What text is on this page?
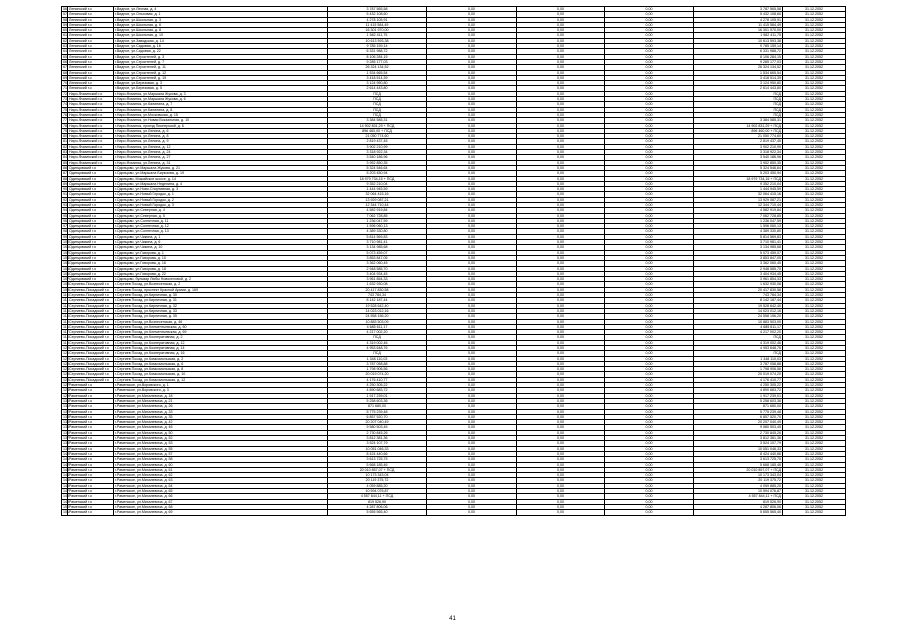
56	Ленинский г.о	г.Видное, ул.Лесная, д. 4	3 787 565,58	0,00	0,00	0,00	3 787 565,58	31.12.2052
57	Ленинский г.о	г.Видное, ул.Ольховая, д. 1	5 432 108,60	0,00	0,00	0,00	5 432 108,60	31.12.2052
58	Ленинский г.о	г.Видное, ул.Школьная, д. 3	4 278 105,91	0,00	0,00	0,00	4 278 105,91	31.12.2052
59	Ленинский г.о	г.Видное, ул.Школьная, д. 6	11 415 584,49	0,00	0,00	0,00	11 415 584,49	31.12.2052
60	Ленинский г.о	г.Видное, ул.Школьная, д. 8	16 301 970,00	0,00	0,00	0,00	16 301 970,00	31.12.2052
61	Ленинский г.о	г.Видное, ул.Школьная, д. 10	1 582 411,75	0,00	0,00	0,00	1 582 411,75	31.12.2052
62	Ленинский г.о	г.Видное, ул.Заводская, д. 14	10 613 593,38	0,00	0,00	0,00	10 613 593,38	31.12.2052
63	Ленинский г.о	г.Видное, ул.Садовая, д. 16	9 785 159,14	0,00	0,00	0,00	9 785 159,14	31.12.2052
64	Ленинский г.о	г.Видное, ул.Садовая, д. 22	6 331 988,72	0,00	0,00	0,00	6 331 988,72	31.12.2052
65	Ленинский г.о	г.Видное, ул.Строителей, д. 3	8 106 284,15	0,00	0,00	0,00	8 106 284,15	31.12.2052
66	Ленинский г.о	г.Видное, ул.Строителей, д. 7	9 285 177,03	0,00	0,00	0,00	9 285 177,03	31.12.2052
67	Ленинский г.о	г.Видное, ул.Строителей, д. 11	26 324 134,52	0,00	0,00	0,00	26 324 134,52	31.12.2052
68	Ленинский г.о	г.Видное, ул.Строителей, д. 12	1 534 665,54	0,00	0,00	0,00	1 534 665,54	31.12.2052
69	Ленинский г.о	г.Видное, ул.Строителей, д. 19	3 418 514,39	0,00	0,00	0,00	3 418 514,39	31.12.2052
70	Ленинский г.о	г.Видное, ул.Березовая, д. 3	3 124 950,80	0,00	0,00	0,00	3 124 950,80	31.12.2052
71	Ленинский г.о	г.Видное, ул.Березовая, д. 5	2 614 443,80	0,00	0,00	0,00	2 614 443,80	31.12.2052
72	Наро-Фоминский г.о	г.Наро-Фоминск, ул.Маршала Жукова, д. 3	ПСД	0,00	0,00	0,00	ПСД	31.12.2052
73	Наро-Фоминский г.о	г.Наро-Фоминск, ул.Маршала Жукова, д. 6	ПСД	0,00	0,00	0,00	ПСД	31.12.2052
74	Наро-Фоминский г.о	г.Наро-Фоминск, ул.Калинина, д. 7	ПСД	0,00	0,00	0,00	ПСД	31.12.2052
75	Наро-Фоминский г.о	г.Наро-Фоминск, ул.Калинина, д. 8	ПСД	0,00	0,00	0,00	ПСД	31.12.2052
76	Наро-Фоминский г.о	г.Наро-Фоминск, ул.Московская, д. 15	ПСД	0,00	0,00	0,00	ПСД	31.12.2052
77	Наро-Фоминский г.о	г.Наро-Фоминск, ул.Новая Вокзальная, д. 10	3 384 585,31	0,00	0,00	0,00	3 384 585,31	31.12.2052
78	Наро-Фоминский г.о	г.Наро-Фоминск, проезд Пионерский, д. 6	14 902 831,29 + ПСД	0,00	0,00	0,00	14 902 831,29 + ПСД	31.12.2052
79	Наро-Фоминский г.о	г.Наро-Фоминск, ул.Ленина, д. 6	896 460,00 + ПСД	0,00	0,00	0,00	896 460,00 + ПСД	31.12.2052
80	Наро-Фоминский г.о	г.Наро-Фоминск, ул.Ленина, д. 8	21 050 774,60	0,00	0,00	0,00	21 050 774,60	31.12.2052
81	Наро-Фоминский г.о	г.Наро-Фоминск, ул.Ленина, д. 9	2 819 437,45	0,00	0,00	0,00	2 819 437,45	31.12.2052
82	Наро-Фоминский г.о	г.Наро-Фоминск, ул.Ленина, д. 12	3 902 210,99	0,00	0,00	0,00	3 902 210,99	31.12.2052
83	Наро-Фоминский г.о	г.Наро-Фоминск, ул.Ленина, д. 24	3 318 922,34	0,00	0,00	0,00	3 318 922,34	31.12.2052
84	Наро-Фоминский г.о	г.Наро-Фоминск, ул.Ленина, д. 27	3 540 186,96	0,00	0,00	0,00	3 540 186,96	31.12.2052
85	Наро-Фоминский г.о	г.Наро-Фоминск, ул.Ленина, д. 31	3 952 850,35	0,00	0,00	0,00	3 952 850,35	31.12.2052
86	Одинцовский г.о	г.Одинцово, ул.Маршала Жукова, д. 21	5 324 546,64	0,00	0,00	0,00	5 324 546,64	31.12.2052
87	Одинцовский г.о	г.Одинцово, ул.Маршала Бирюзова, д. 19	5 203 450,94	0,00	0,00	0,00	5 203 450,94	31.12.2052
88	Одинцовский г.о	г.Одинцово, Можайское шоссе, д. 14	18 979 734,15 + ПСД	0,00	0,00	0,00	18 979 734,15 + ПСД	31.12.2052
89	Одинцовский г.о	г.Одинцово, ул.Маршала Неделина, д. 4	9 352 210,04	0,00	0,00	0,00	9 352 210,04	31.12.2052
90	Одинцовский г.о	г.Одинцово, ул.Ново-Спортивная, д. 3	1 444 945,59	0,00	0,00	0,00	1 444 945,59	31.12.2052
91	Одинцовский г.о	г.Одинцово, ул.Новый Городок, д. 1	32 064 415,16	0,00	0,00	0,00	32 064 415,16	31.12.2052
92	Одинцовский г.о	г.Одинцово, ул.Новый Городок, д. 2	13 929 087,21	0,00	0,00	0,00	13 929 087,21	31.12.2052
93	Одинцовский г.о	г.Одинцово, ул.Новый Городок, д. 3	12 344 710,44	0,00	0,00	0,00	12 344 710,44	31.12.2052
94	Одинцовский г.о	г.Одинцово, ул.Северная, д. 4	4 582 919,84	0,00	0,00	0,00	4 582 919,84	31.12.2052
95	Одинцовский г.о	г.Одинцово, ул.Северная, д. 5	7 062 728,85	0,00	0,00	0,00	7 062 728,85	31.12.2052
96	Одинцовский г.о	г.Одинцово, ул.Солнечная, д. 11	1 236 047,59	0,00	0,00	0,00	1 236 047,59	31.12.2052
97	Одинцовский г.о	г.Одинцово, ул.Солнечная, д. 12	1 596 060,13	0,00	0,00	0,00	1 596 060,13	31.12.2052
98	Одинцовский г.о	г.Одинцово, ул.Солнечная, д. 13	4 389 330,80	0,00	0,00	0,00	4 389 330,80	31.12.2052
99	Одинцовский г.о	г.Одинцово, ул.Чикина, д. 1	5 814 569,83	0,00	0,00	0,00	5 814 569,83	31.12.2052
100	Одинцовский г.о	г.Одинцово, ул.Чикина, д. 6	3 710 981,41	0,00	0,00	0,00	3 710 981,41	31.12.2052
101	Одинцовский г.о	г.Одинцово, ул.Чикина, д. 10	3 134 985,68	0,00	0,00	0,00	3 134 985,68	31.12.2052
102	Одинцовский г.о	г.Одинцово, ул.Говорова, д. 1	5 073 459,07	0,00	0,00	0,00	5 073 459,07	31.12.2052
103	Одинцовский г.о	г.Одинцово, ул.Говорова, д. 10	3 853 847,05	0,00	0,00	0,00	3 853 847,05	31.12.2052
104	Одинцовский г.о	г.Одинцово, ул.Говорова, д. 16	3 362 060,45	0,00	0,00	0,00	3 362 060,45	31.12.2052
105	Одинцовский г.о	г.Одинцово, ул.Говорова, д. 18	2 948 585,70	0,00	0,00	0,00	2 948 585,70	31.12.2052
106	Одинцовский г.о	г.Одинцово, ул.Говорова, д. 22	3 404 934,45	0,00	0,00	0,00	3 404 934,45	31.12.2052
107	Одинцовский г.о	г.Одинцово, бульвар Любы Новоселовой, д. 2	3 961 854,33	0,00	0,00	0,00	3 961 854,33	31.12.2052
108	Сергиево-Посадский г.о	г.Сергиев Посад, ул.Вознесенская, д. 2	1 632 930,08	0,00	0,00	0,00	1 632 930,08	31.12.2052
109	Сергиево-Посадский г.о	г.Сергиев Посад, проспект Красной Армии, д. 169	20 417 830,58	0,00	0,00	0,00	20 417 830,58	31.12.2052
110	Сергиево-Посадский г.о	г.Сергиев Посад, ул.Кирпичная, д. 30	743 784,34	0,00	0,00	0,00	743 784,34	31.12.2052
111	Сергиево-Посадский г.о	г.Сергиев Посад, ул.Кирпичная, д. 31	8 142 187,44	0,00	0,00	0,00	8 142 187,44	31.12.2052
112	Сергиево-Посадский г.о	г.Сергиев Посад, ул.Кирпичная, д. 32	19 528 642,40	0,00	0,00	0,00	19 528 642,40	31.12.2052
113	Сергиево-Посадский г.о	г.Сергиев Посад, ул.Кирпичная, д. 33	14 023 012,16	0,00	0,00	0,00	14 023 012,16	31.12.2052
114	Сергиево-Посадский г.о	г.Сергиев Посад, ул.Кирпичная, д. 35	24 558 156,20	0,00	0,00	0,00	24 558 156,20	31.12.2052
115	Сергиево-Посадский г.о	г.Сергиев Посад, ул.Вознесенская, д. 46	10 883 503,09	0,00	0,00	0,00	10 883 503,09	31.12.2052
116	Сергиево-Посадский г.о	г.Сергиев Посад, ул.Клементьевская, д. 60	4 685 611,17	0,00	0,00	0,00	4 685 611,17	31.12.2052
117	Сергиево-Посадский г.о	г.Сергиев Посад, ул.Клементьевская, д. 69	4 217 002,20	0,00	0,00	0,00	4 217 002,20	31.12.2052
118	Сергиево-Посадский г.о	г.Сергиев Посад, ул.Кооперативная, д. 2	ПСД	0,00	0,00	0,00	ПСД	31.12.2052
119	Сергиево-Посадский г.о	г.Сергиев Посад, ул.Кооперативная, д. 12	4 319 002,46	0,00	0,00	0,00	4 319 002,46	31.12.2052
120	Сергиево-Посадский г.о	г.Сергиев Посад, ул.Кооперативная, д. 14	4 953 648,76	0,00	0,00	0,00	4 953 648,76	31.12.2052
121	Сергиево-Посадский г.о	г.Сергиев Посад, ул.Кооперативная, д. 16	ПСД	0,00	0,00	0,00	ПСД	31.12.2052
122	Сергиево-Посадский г.о	г.Сергиев Посад, ул.Комсомольская, д. 2	1 348 110,03	0,00	0,00	0,00	1 348 110,03	31.12.2052
123	Сергиево-Посадский г.о	г.Сергиев Посад, ул.Комсомольская, д. 6	3 787 058,88	0,00	0,00	0,00	3 787 058,88	31.12.2052
124	Сергиево-Посадский г.о	г.Сергиев Посад, ул.Комсомольская, д. 8	1 798 906,56	0,00	0,00	0,00	1 798 906,56	31.12.2052
125	Сергиево-Посадский г.о	г.Сергиев Посад, ул.Комсомольская, д. 10	20 019 074,20	0,00	0,00	0,00	20 019 074,20	31.12.2052
126	Сергиево-Посадский г.о	г.Сергиев Посад, ул.Комсомольская, д. 12	4 176 410,77	0,00	0,00	0,00	4 176 410,77	31.12.2052
127	Раменский г.о	г.Раменское, ул.Воровского, д. 1	4 250 305,22	0,00	0,00	0,00	4 250 305,22	31.12.2052
128	Раменский г.о	г.Раменское, ул.Воровского, д. 3	4 890 683,72	0,00	0,00	0,00	4 890 683,72	31.12.2052
129	Раменский г.о	г.Раменское, ул.Михалевича, д. 18	1 917 239,01	0,00	0,00	0,00	1 917 239,01	31.12.2052
130	Раменский г.о	г.Раменское, ул.Михалевича, д. 21	5 258 603,36	0,00	0,00	0,00	5 258 603,36	31.12.2052
131	Раменский г.о	г.Раменское, ул.Михалевича, д. 26	871 680,00	0,00	0,00	0,00	871 680,00	31.12.2052
132	Раменский г.о	г.Раменское, ул.Михалевича, д. 33	5 775 239,48	0,00	0,00	0,00	5 775 239,48	31.12.2052
133	Раменский г.о	г.Раменское, ул.Михалевича, д. 35	6 857 520,70	0,00	0,00	0,00	6 857 520,70	31.12.2052
134	Раменский г.о	г.Раменское, ул.Михалевича, д. 42	20 207 040,49	0,00	0,00	0,00	20 207 040,49	31.12.2052
135	Раменский г.о	г.Раменское, ул.Михалевича, д. 46	9 580 503,45	0,00	0,00	0,00	9 580 503,45	31.12.2052
136	Раменский г.о	г.Раменское, ул.Михалевича, д. 50	2 730 845,26	0,00	0,00	0,00	2 730 845,26	31.12.2052
137	Раменский г.о	г.Раменское, ул.Михалевича, д. 52	3 812 381,36	0,00	0,00	0,00	3 812 381,36	31.12.2052
138	Раменский г.о	г.Раменское, ул.Михалевича, д. 53	3 524 107,79	0,00	0,00	0,00	3 524 107,79	31.12.2052
139	Раменский г.о	г.Раменское, ул.Михалевича, д. 55	10 051 046,33	0,00	0,00	0,00	10 051 046,33	31.12.2052
140	Раменский г.о	г.Раменское, ул.Михалевича, д. 57	8 424 440,66	0,00	0,00	0,00	8 424 440,66	31.12.2052
141	Раменский г.о	г.Раменское, ул.Михалевича, д. 58	3 613 725,75	0,00	0,00	0,00	3 613 725,75	31.12.2052
142	Раменский г.о	г.Раменское, ул.Михалевича, д. 60	5 668 185,46	0,00	0,00	0,00	5 668 185,46	31.12.2052
143	Раменский г.о	г.Раменское, ул.Михалевича, д. 61	20 010 857,07 + ПСД	0,00	0,00	0,00	20 010 857,07 + ПСД	31.12.2052
144	Раменский г.о	г.Раменское, ул.Михалевича, д. 62	10 173 343,04	0,00	0,00	0,00	10 173 343,04	31.12.2052
145	Раменский г.о	г.Раменское, ул.Михалевича, д. 63	20 119 375,72	0,00	0,00	0,00	20 119 375,72	31.12.2052
146	Раменский г.о	г.Раменское, ул.Михалевича, д. 64	4 059 885,20	0,00	0,00	0,00	4 059 885,20	31.12.2052
147	Раменский г.о	г.Раменское, ул.Михалевича, д. 65	10 594 076,87	0,00	0,00	0,00	10 594 076,87	31.12.2052
148	Раменский г.о	г.Раменское, ул.Михалевича, д. 66	4 557 844,11 + ПСД	0,00	0,00	0,00	4 557 844,11 + ПСД	31.12.2052
149	Раменский г.о	г.Раменское, ул.Михалевича, д. 67	819 526,90	0,00	0,00	0,00	819 526,90	31.12.2052
150	Раменский г.о	г.Раменское, ул.Михалевича, д. 68	4 287 806,06	0,00	0,00	0,00	4 287 806,06	31.12.2052
151	Раменский г.о	г.Раменское, ул.Михалевича, д. 69	5 655 565,40	0,00	0,00	0,00	5 655 565,40	31.12.2052
41
